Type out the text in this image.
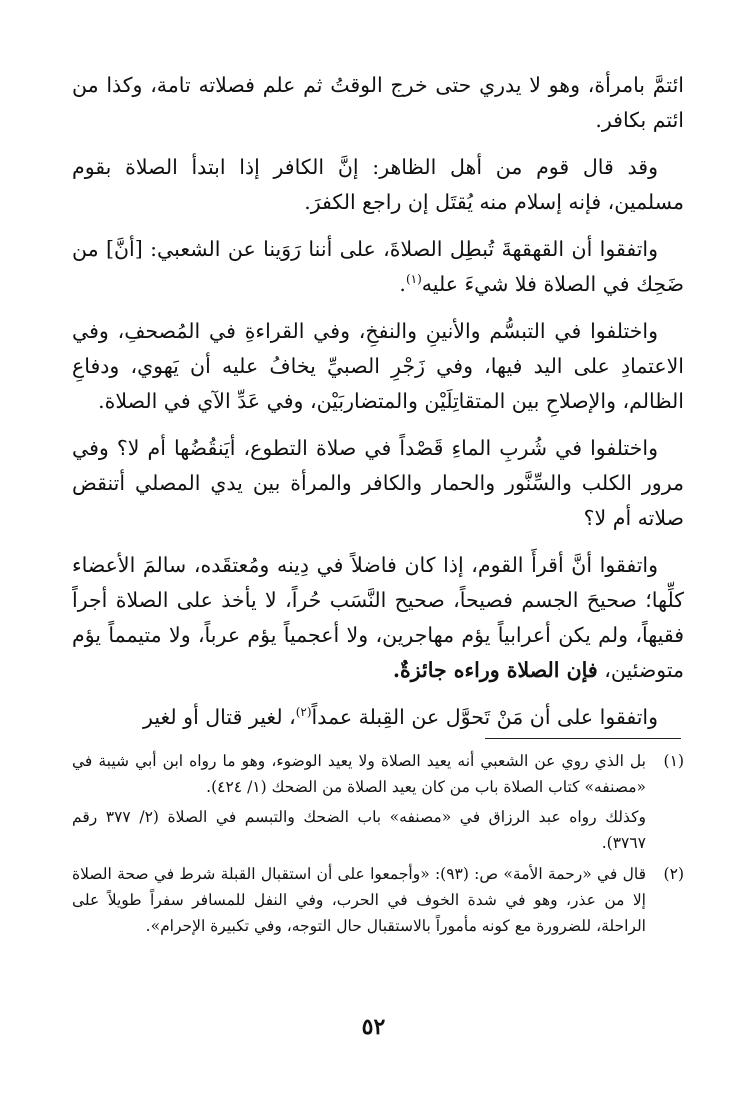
ائتمَّ بامرأة، وهو لا يدري حتى خرج الوقتُ ثم علم فصلاته تامة، وكذا من ائتم بكافر.

وقد قال قوم من أهل الظاهر: إنَّ الكافر إذا ابتدأ الصلاة بقوم مسلمين، فإنه إسلام منه يُقتَل إن راجع الكفرَ.

واتفقوا أن القهقهةَ تُبطِل الصلاةَ، على أننا رَوَينا عن الشعبي: [أنَّ] من ضَحِك في الصلاة فلا شيءَ عليه$^{(١)}$.

واختلفوا في التبسُّم والأنينِ والنفخِ، وفي القراءةِ في المُصحفِ، وفي الاعتمادِ على اليد فيها، وفي زَجْرِ الصبيِّ يخافُ عليه أن يَهوي، ودفاعِ الظالم، والإصلاحِ بين المتقاتِلَيْن والمتضاربَيْن، وفي عَدِّ الآي في الصلاة.

واختلفوا في شُربِ الماءِ قَصْداً في صلاة التطوع، أيَنقُضُها أم لا؟ وفي مرور الكلب والسِّنَّور والحمار والكافر والمرأة بين يدي المصلي أتنقض صلاته أم لا؟

واتفقوا أنَّ أقرأَ القوم، إذا كان فاضلاً في دِينه ومُعتقَده، سالمَ الأعضاء كلِّها؛ صحيحَ الجسم فصيحاً، صحيح النَّسَب حُراً، لا يأخذ على الصلاة أجراً فقيهاً، ولم يكن أعرابياً يؤم مهاجرين، ولا أعجمياً يؤم عرباً، ولا متيمماً يؤم متوضئين، فإن الصلاة وراءه جائزةٌ.

واتفقوا على أن مَنْ تَحوَّل عن القِبلة عمداً$^{(٢)}$، لغير قتال أو لغير

(١)
بل الذي روي عن الشعبي أنه يعيد الصلاة ولا يعيد الوضوء، وهو ما رواه ابن أبي شيبة في «مصنفه» كتاب الصلاة باب من كان يعيد الصلاة من الضحك (١/ ٤٢٤).
وكذلك رواه عبد الرزاق في «مصنفه» باب الضحك والتبسم في الصلاة (٢/ ٣٧٧ رقم ٣٧٦٧).
(٢)
قال في «رحمة الأمة» ص: (٩٣): «وأجمعوا على أن استقبال القبلة شرط في صحة الصلاة إلا من عذر، وهو في شدة الخوف في الحرب، وفي النفل للمسافر سفراً طويلاً على الراحلة، للضرورة مع كونه مأموراً بالاستقبال حال التوجه، وفي تكبيرة الإحرام».
٥٢
